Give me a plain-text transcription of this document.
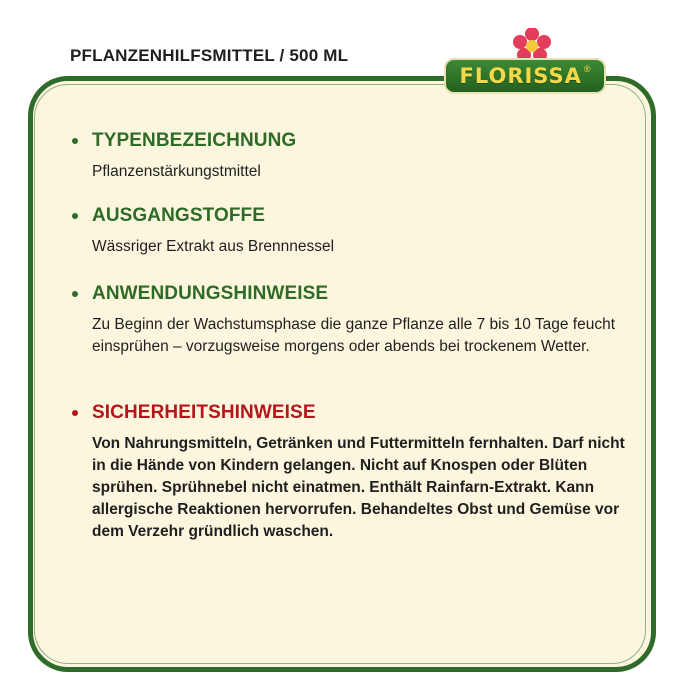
PFLANZENHILFSMITTEL / 500 ML
FLORISSA ®
TYPENBEZEICHNUNG
Pflanzenstärkungstmittel
AUSGANGSTOFFE
Wässriger Extrakt aus Brennnessel
ANWENDUNGSHINWEISE
Zu Beginn der Wachstumsphase die ganze Pflanze alle 7 bis 10 Tage feucht einsprühen – vorzugsweise morgens oder abends bei trockenem Wetter.
SICHERHEITSHINWEISE
Von Nahrungsmitteln, Getränken und Futtermitteln fernhalten. Darf nicht in die Hände von Kindern gelangen. Nicht auf Knospen oder Blüten sprühen. Sprühnebel nicht einatmen. Enthält Rainfarn-Extrakt. Kann allergische Reaktionen hervorrufen. Behandeltes Obst und Gemüse vor dem Verzehr gründlich waschen.
